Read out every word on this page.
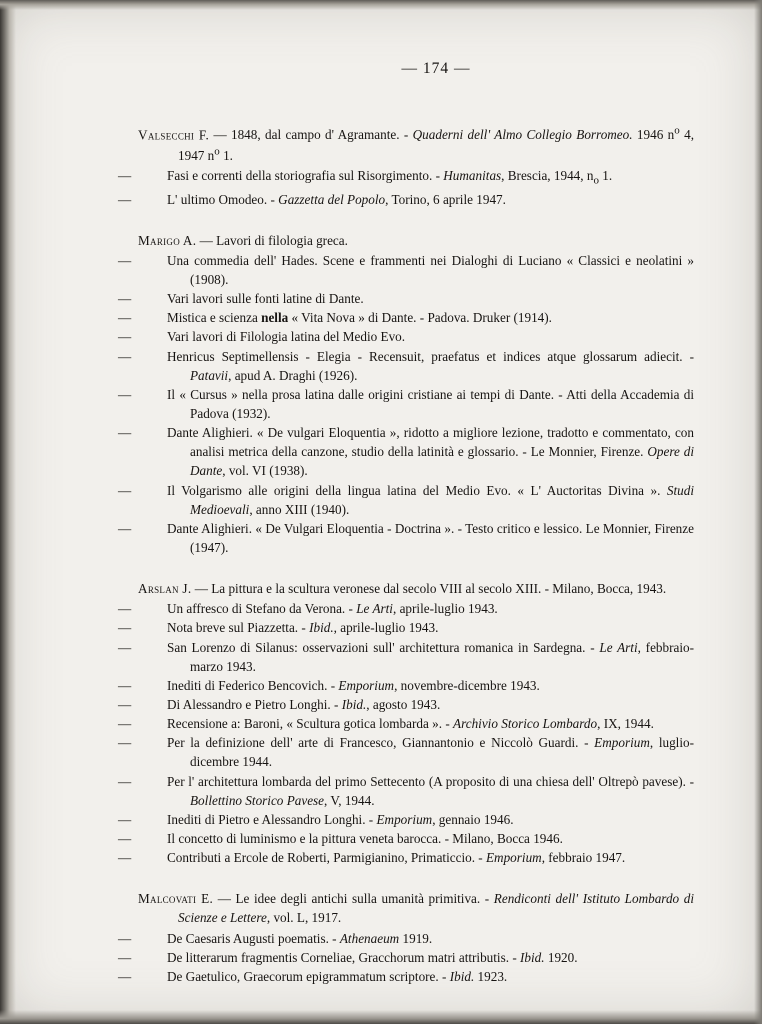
— 174 —

Valsecchi F. — 1848, dal campo d' Agramante. - Quaderni dell' Almo Collegio Borromeo. 1946 $n^o$ 4, 1947 $n^o$ 1.

—	Fasi e correnti della storiografia sul Risorgimento. - Humanitas, Brescia, 1944, $n_o$ 1.

—	L' ultimo Omodeo. - Gazzetta del Popolo, Torino, 6 aprile 1947.

Marigo A. — Lavori di filologia greca.

—	Una commedia dell' Hades. Scene e frammenti nei Dialoghi di Luciano « Classici e neolatini » (1908).

—	Vari lavori sulle fonti latine di Dante.

—	Mistica e scienza nella « Vita Nova » di Dante. - Padova. Druker (1914).

—	Vari lavori di Filologia latina del Medio Evo.

—	Henricus Septimellensis - Elegia - Recensuit, praefatus et indices atque glossarum adiecit. - Patavii, apud A. Draghi (1926).

—	Il « Cursus » nella prosa latina dalle origini cristiane ai tempi di Dante. - Atti della Accademia di Padova (1932).

—	Dante Alighieri. « De vulgari Eloquentia », ridotto a migliore lezione, tradotto e commentato, con analisi metrica della canzone, studio della latinità e glossario. - Le Monnier, Firenze. Opere di Dante, vol. VI (1938).

—	Il Volgarismo alle origini della lingua latina del Medio Evo. « L' Auctoritas Divina ». Studi Medioevali, anno XIII (1940).

—	Dante Alighieri. « De Vulgari Eloquentia - Doctrina ». - Testo critico e lessico. Le Monnier, Firenze (1947).

Arslan J. — La pittura e la scultura veronese dal secolo VIII al secolo XIII. - Milano, Bocca, 1943.

—	Un affresco di Stefano da Verona. - Le Arti, aprile-luglio 1943.

—	Nota breve sul Piazzetta. - Ibid., aprile-luglio 1943.

—	San Lorenzo di Silanus: osservazioni sull' architettura romanica in Sardegna. - Le Arti, febbraio-marzo 1943.

—	Inediti di Federico Bencovich. - Emporium, novembre-dicembre 1943.

—	Di Alessandro e Pietro Longhi. - Ibid., agosto 1943.

—	Recensione a: Baroni, « Scultura gotica lombarda ». - Archivio Storico Lombardo, IX, 1944.

—	Per la definizione dell' arte di Francesco, Giannantonio e Niccolò Guardi. - Emporium, luglio-dicembre 1944.

—	Per l' architettura lombarda del primo Settecento (A proposito di una chiesa dell' Oltrepò pavese). - Bollettino Storico Pavese, V, 1944.

—	Inediti di Pietro e Alessandro Longhi. - Emporium, gennaio 1946.

—	Il concetto di luminismo e la pittura veneta barocca. - Milano, Bocca 1946.

—	Contributi a Ercole de Roberti, Parmigianino, Primaticcio. - Emporium, febbraio 1947.

Malcovati E. — Le idee degli antichi sulla umanità primitiva. - Rendiconti dell' Istituto Lombardo di Scienze e Lettere, vol. L, 1917.

—	De Caesaris Augusti poematis. - Athenaeum 1919.

—	De litterarum fragmentis Corneliae, Gracchorum matri attributis. - Ibid. 1920.

—	De Gaetulico, Graecorum epigrammatum scriptore. - Ibid. 1923.
